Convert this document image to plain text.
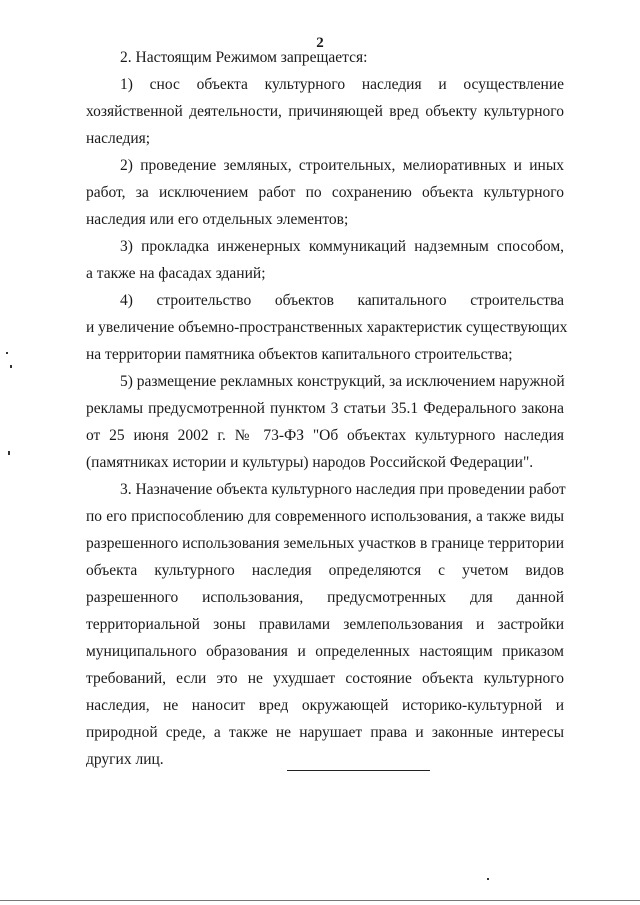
2
2. Настоящим Режимом запрещается:
1) снос объекта культурного наследия и осуществление
хозяйственной деятельности, причиняющей вред объекту культурного
наследия;
2) проведение земляных, строительных, мелиоративных и иных
работ, за исключением работ по сохранению объекта культурного
наследия или его отдельных элементов;
3) прокладка инженерных коммуникаций надземным способом,
а также на фасадах зданий;
4) строительство объектов капитального строительства
и увеличение объемно-пространственных характеристик существующих
на территории памятника объектов капитального строительства;
5) размещение рекламных конструкций, за исключением наружной
рекламы предусмотренной пунктом 3 статьи 35.1 Федерального закона
от 25 июня 2002 г. № 73-ФЗ "Об объектах культурного наследия
(памятниках истории и культуры) народов Российской Федерации".
3. Назначение объекта культурного наследия при проведении работ
по его приспособлению для современного использования, а также виды
разрешенного использования земельных участков в границе территории
объекта культурного наследия определяются с учетом видов
разрешенного использования, предусмотренных для данной
территориальной зоны правилами землепользования и застройки
муниципального образования и определенных настоящим приказом
требований, если это не ухудшает состояние объекта культурного
наследия, не наносит вред окружающей историко-культурной и
природной среде, а также не нарушает права и законные интересы
других лиц.
